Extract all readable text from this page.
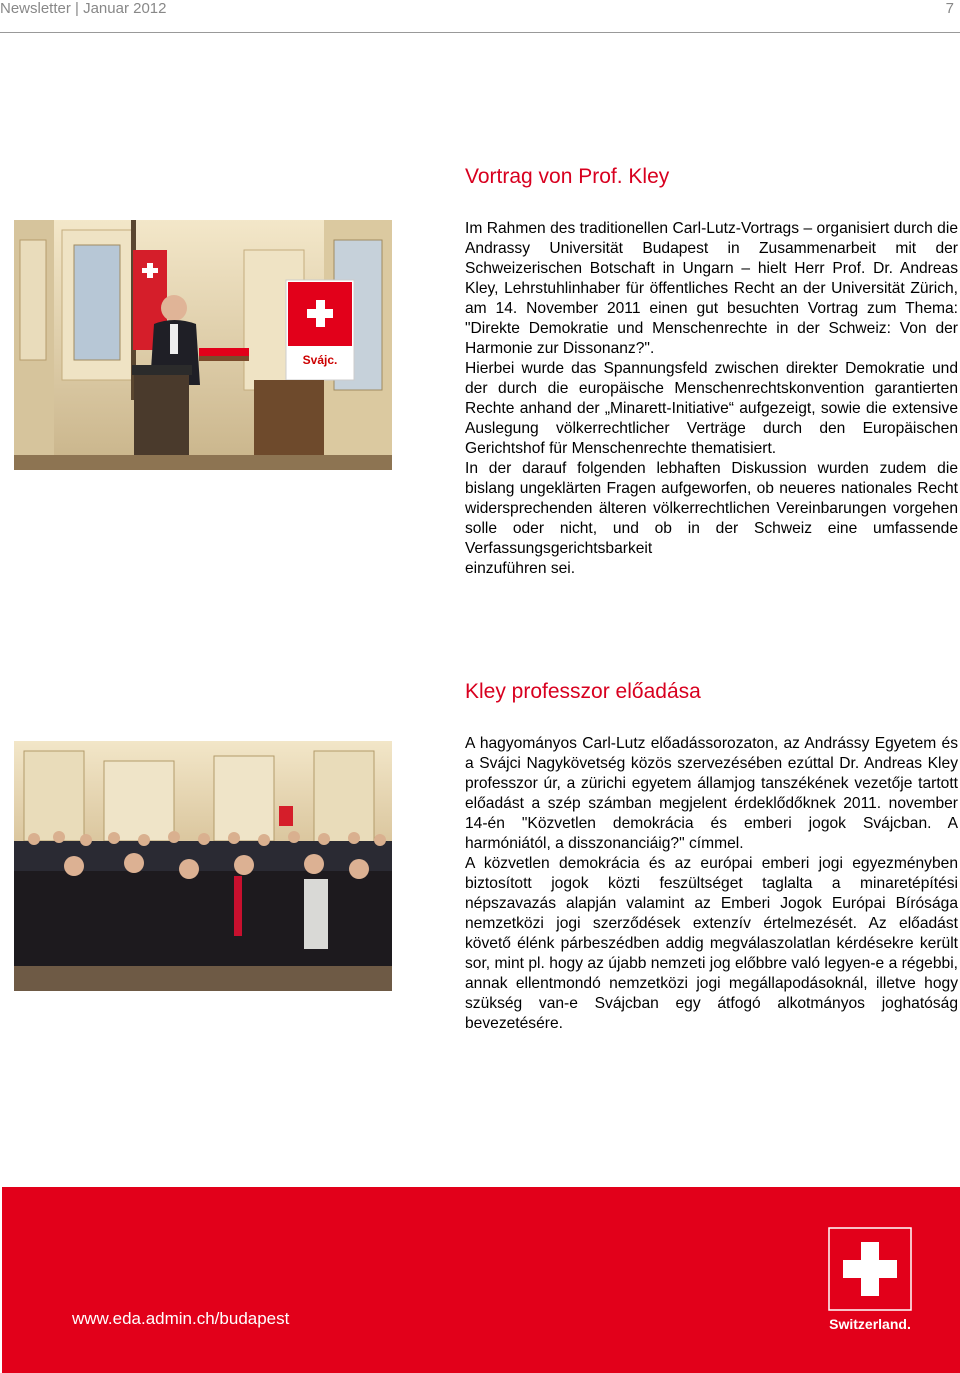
Newsletter | Januar 2012	7
Vortrag von Prof. Kley
Svájc.

Im Rahmen des traditionellen Carl-Lutz-Vortrags – organisiert durch die Andrassy Universität Budapest in Zusammenarbeit mit der Schweizerischen Botschaft in Ungarn – hielt Herr Prof. Dr. Andreas Kley, Lehrstuhlinhaber für öffentliches Recht an der Universität Zürich, am 14. November 2011 einen gut besuchten Vortrag zum Thema: "Direkte Demokratie und Menschenrechte in der Schweiz: Von der Harmonie zur Dissonanz?".

Hierbei wurde das Spannungsfeld zwischen direkter Demokratie und der durch die europäische Menschenrechtskonvention garantierten Rechte anhand der „Minarett-Initiative“ aufgezeigt, sowie die extensive Auslegung völkerrechtlicher Verträge durch den Europäischen Gerichtshof für Menschenrechte thematisiert.

In der darauf folgenden lebhaften Diskussion wurden zudem die bislang ungeklärten Fragen aufgeworfen, ob neueres nationales Recht widersprechenden älteren völkerrechtlichen Vereinbarungen vorgehen solle oder nicht, und ob in der Schweiz eine umfassende Verfassungsgerichtsbarkeit

einzuführen sei.

Kley professzor előadása

A hagyományos Carl-Lutz előadássorozaton, az Andrássy Egyetem és a Svájci Nagykövetség közös szervezésében ezúttal Dr. Andreas Kley professzor úr, a zürichi egyetem államjog tanszékének vezetője tartott előadást a szép számban megjelent érdeklődőknek 2011. november 14-én "Közvetlen demokrácia és emberi jogok Svájcban. A harmóniától, a disszonanciáig?" címmel.

A közvetlen demokrácia és az európai emberi jogi egyezményben biztosított jogok közti feszültséget taglalta a minaretépítési népszavazás alapján valamint az Emberi Jogok Európai Bírósága nemzetközi jogi szerződések extenzív értelmezését. Az előadást követő élénk párbeszédben addig megválaszolatlan kérdésekre került sor, mint pl. hogy az újabb nemzeti jog előbbre való legyen-e a régebbi, annak ellentmondó nemzetközi jogi megállapodásoknál, illetve hogy szükség van-e Svájcban egy átfogó alkotmányos joghatóság bevezetésére.

www.eda.admin.ch/budapest	Switzerland.
